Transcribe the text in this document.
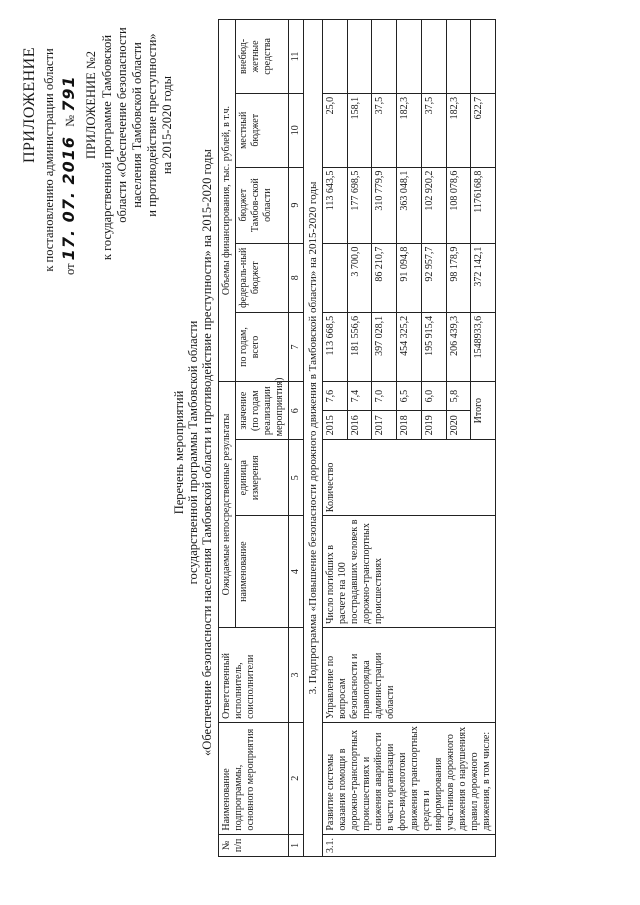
ПРИЛОЖЕНИЕ к постановлению администрации области от 17. 07. 2016 № 791 ПРИЛОЖЕНИЕ №2 к государственной программе Тамбовской области «Обеспечение безопасности населения Тамбовской области и противодействие преступности» на 2015-2020 годы
Перечень мероприятий государственной программы Тамбовской области «Обеспечение безопасности населения Тамбовской области и противодействие преступности» на 2015-2020 годы
№ п/п	Наименование подпрограммы, основного мероприятия	Ответственный исполнитель, соисполнители	Ожидаемые непосредственные результаты				Объемы финансирования, тыс. рублей, в т.ч.				
			наименование	единица измерения	значение (по годам реализации мероприятия)		по годам, всего	федераль-ный бюджет	бюджет Тамбов-ской области	местный бюджет	внебюд-жетные средства
1	2	3	4	5	6		7	8	9	10	11
3. Подпрограмма «Повышение безопасности дорожного движения в Тамбовской области» на 2015-2020 годы											
3.1.	Развитие системы оказания помощи в дорожно-транспортных происшествиях и снижения аварийности в части организации фото-видеопотоки движения транспортных средств и информирования участников дорожного движения о нарушениях правил дорожного движения, в том числе:	Управление по вопросам безопасности и правопорядка администрации области	Число погибших в расчете на 100 пострадавших человек в дорожно-транспортных происшествиях	Количество	2015	7,6	113 668,5		113 643,5	25,0	
					2016	7,4	181 556,6	3 700,0	177 698,5	158,1	
					2017	7,0	397 028,1	86 210,7	310 779,9	37,5	
					2018	6,5	454 325,2	91 094,8	363 048,1	182,3	
					2019	6,0	195 915,4	92 957,7	102 920,2	37,5	
					2020	5,8	206 439,3	98 178,9	108 078,6	182,3	
					Итого		1548933,6	372 142,1	1176168,8	622,7	
